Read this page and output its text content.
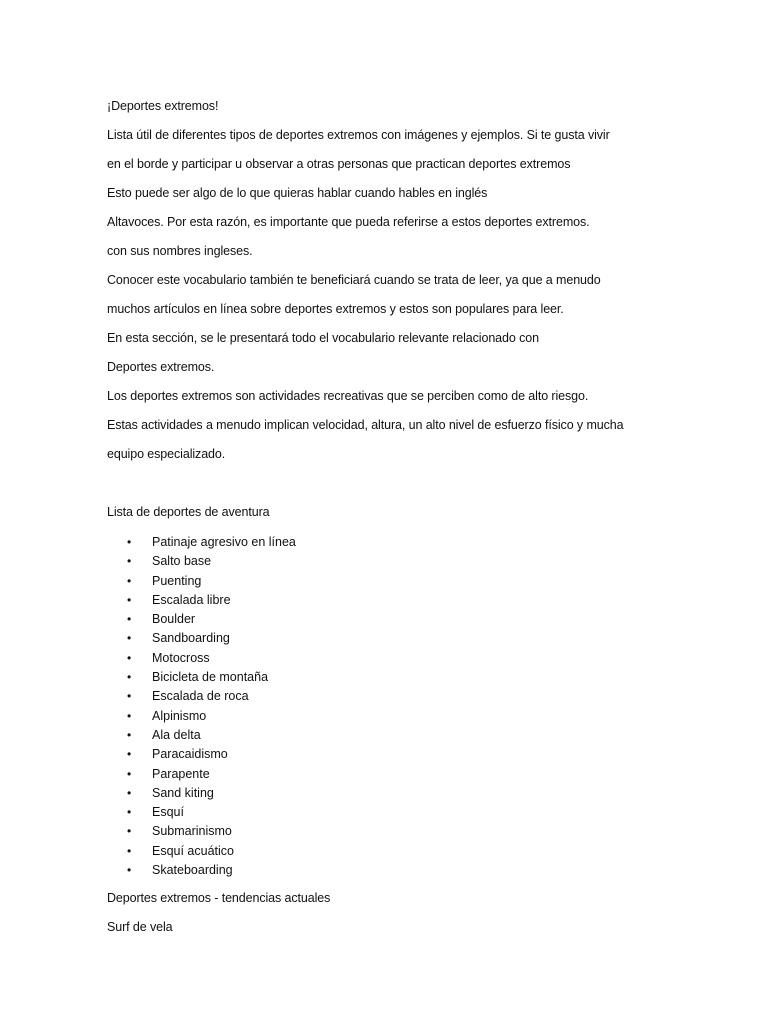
¡Deportes extremos!
Lista útil de diferentes tipos de deportes extremos con imágenes y ejemplos. Si te gusta vivir
en el borde y participar u observar a otras personas que practican deportes extremos
Esto puede ser algo de lo que quieras hablar cuando hables en inglés
Altavoces. Por esta razón, es importante que pueda referirse a estos deportes extremos.
con sus nombres ingleses.
Conocer este vocabulario también te beneficiará cuando se trata de leer, ya que a menudo
muchos artículos en línea sobre deportes extremos y estos son populares para leer.
En esta sección, se le presentará todo el vocabulario relevante relacionado con
Deportes extremos.
Los deportes extremos son actividades recreativas que se perciben como de alto riesgo.
Estas actividades a menudo implican velocidad, altura, un alto nivel de esfuerzo físico y mucha
equipo especializado.
Lista de deportes de aventura
• Patinaje agresivo en línea
• Salto base
• Puenting
• Escalada libre
• Boulder
• Sandboarding
• Motocross
• Bicicleta de montaña
• Escalada de roca
• Alpinismo
• Ala delta
• Paracaidismo
• Parapente
• Sand kiting
• Esquí
• Submarinismo
• Esquí acuático
• Skateboarding
Deportes extremos - tendencias actuales
Surf de vela
